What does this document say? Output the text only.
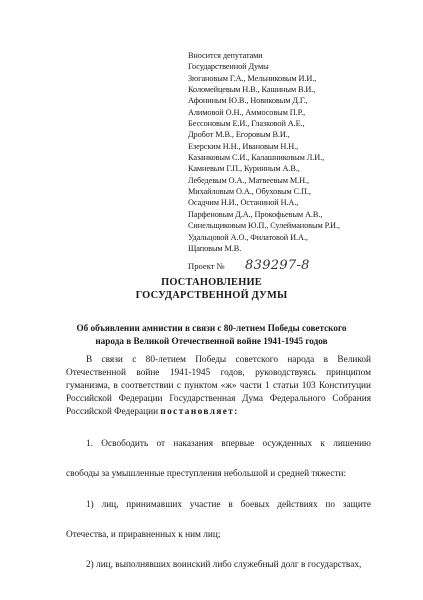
Вносится депутатами
Государственной Думы
Зюгановым Г.А., Мельниковым И.И.,
Коломейцевым Н.В., Кашиным В.И.,
Афониным Ю.В., Новиковым Д.Г.,
Алимовой О.Н., Аммосовым П.Р.,
Бессоновым Е.И., Глазковой А.Е.,
Дробот М.В., Егоровым В.И.,
Езерским Н.Н., Ивановым Н.Н.,
Казанковым С.И., Калашниковым Л.И.,
Камневым Г.П., Куринным А.В.,
Лебедевым О.А., Матвеевым М.Н.,
Михайловым О.А., Обуховым С.П.,
Осадчим Н.И., Останиной Н.А.,
Парфеновым Д.А., Прокофьевым А.В.,
Синельщиковым Ю.П., Сулеймановым Р.И.,
Удальцовой А.О., Филатовой И.А.,
Щаповым М.В.
Проект № 839297-8
ПОСТАНОВЛЕНИЕ
ГОСУДАРСТВЕННОЙ ДУМЫ
Об объявлении амнистии в связи с 80-летием Победы советского
народа в Великой Отечественной войне 1941-1945 годов
В связи с 80-летием Победы советского народа в Великой
Отечественной войне 1941-1945 годов, руководствуясь принципом
гуманизма, в соответствии с пунктом «ж» части 1 статьи 103 Конституции
Российской Федерации Государственная Дума Федерального Собрания
Российской Федерации постановляет:
1. Освободить от наказания впервые осужденных к лишению
свободы за умышленные преступления небольшой и средней тяжести:
1) лиц, принимавших участие в боевых действиях по защите
Отечества, и приравненных к ним лиц;
2) лиц, выполнявших воинский либо служебный долг в государствах,
